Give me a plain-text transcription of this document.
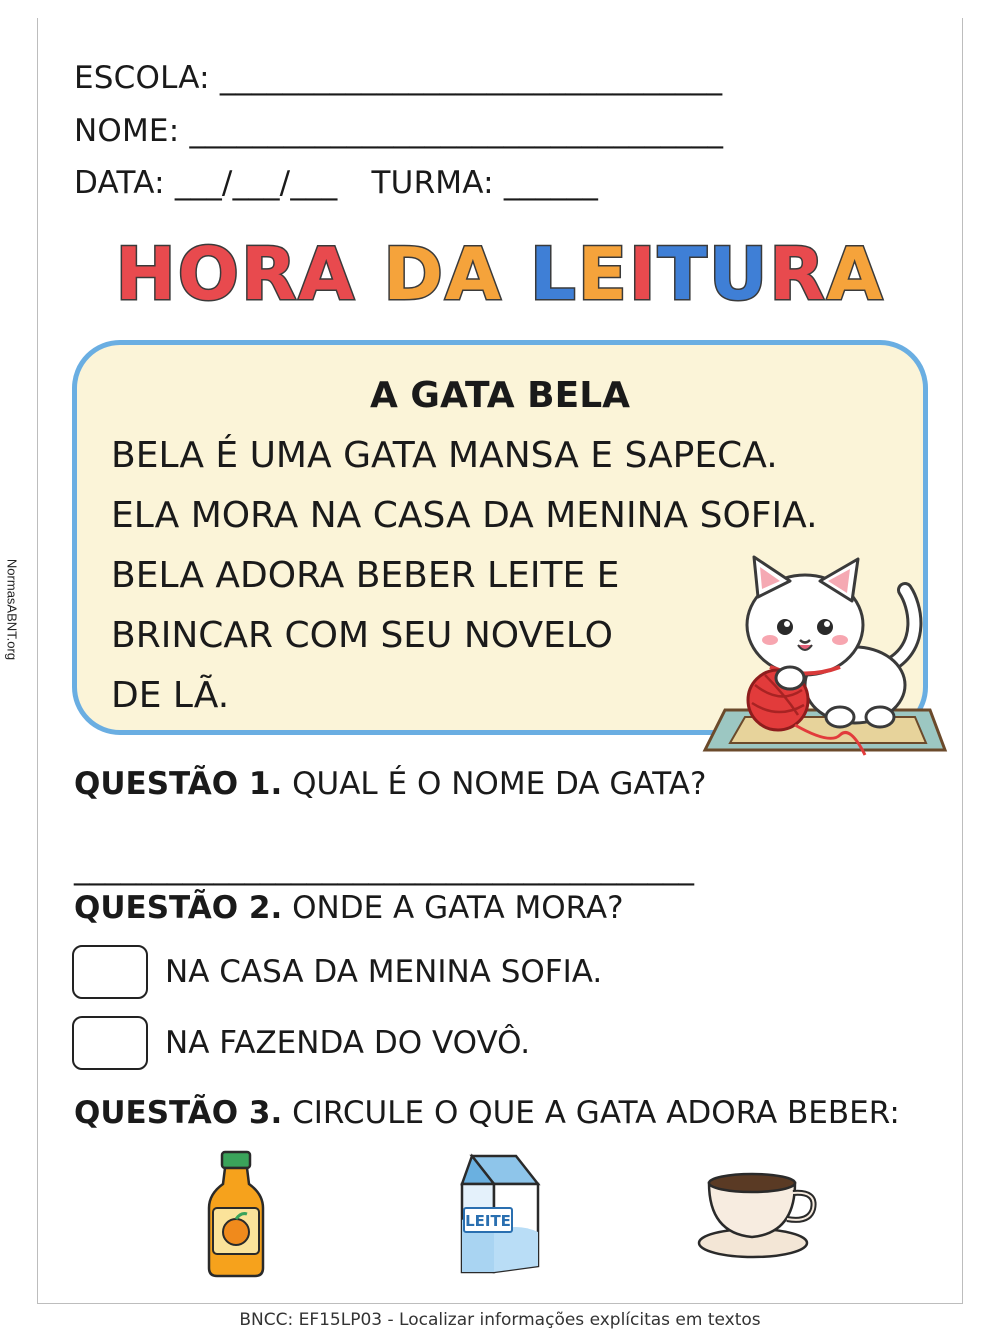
NormasABNT.org
ESCOLA: ________________________________
NOME: __________________________________
DATA: ___/___/___ TURMA: ______
HORA DA LEITURA
A GATA BELA
BELA É UMA GATA MANSA E SAPECA.
ELA MORA NA CASA DA MENINA SOFIA.
BELA ADORA BEBER LEITE E
BRINCAR COM SEU NOVELO
DE LÃ.
QUESTÃO 1. QUAL É O NOME DA GATA?
________________________________________
QUESTÃO 2. ONDE A GATA MORA?
NA CASA DA MENINA SOFIA.
NA FAZENDA DO VOVÔ.
QUESTÃO 3. CIRCULE O QUE A GATA ADORA BEBER:
LEITE
BNCC: EF15LP03 - Localizar informações explícitas em textos
